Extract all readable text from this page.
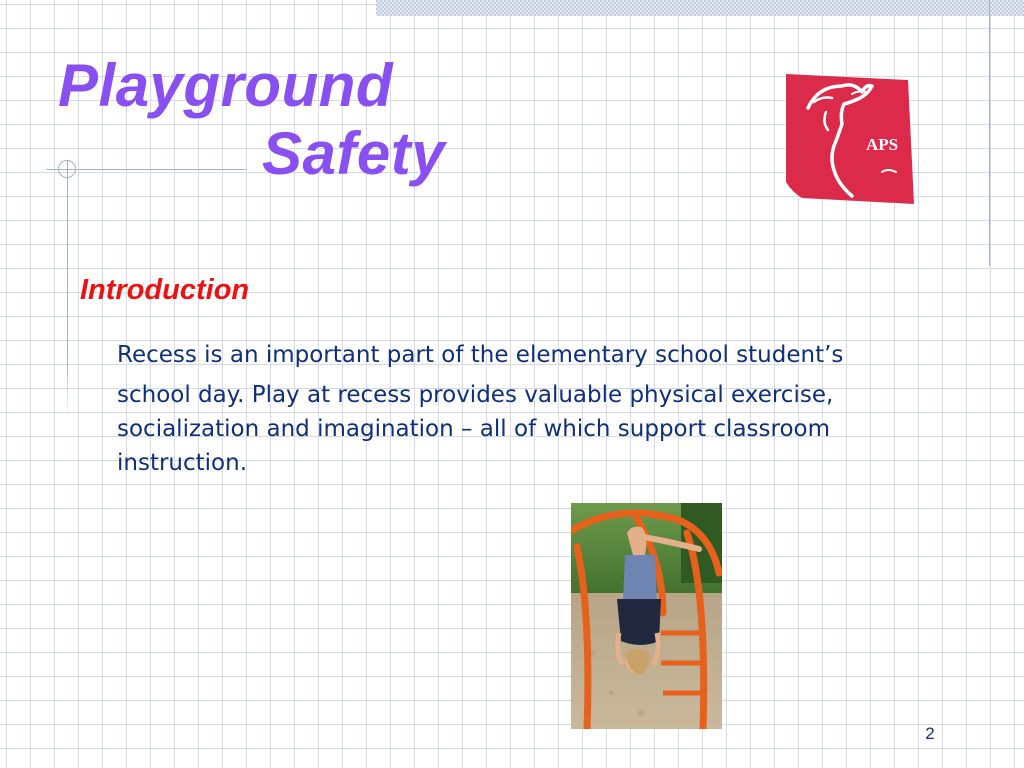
Playground
Safety	APS
Introduction
Recess is an important part of the elementary school student’s
school day. Play at recess provides valuable physical exercise,
socialization and imagination – all of which support classroom
instruction.
2
